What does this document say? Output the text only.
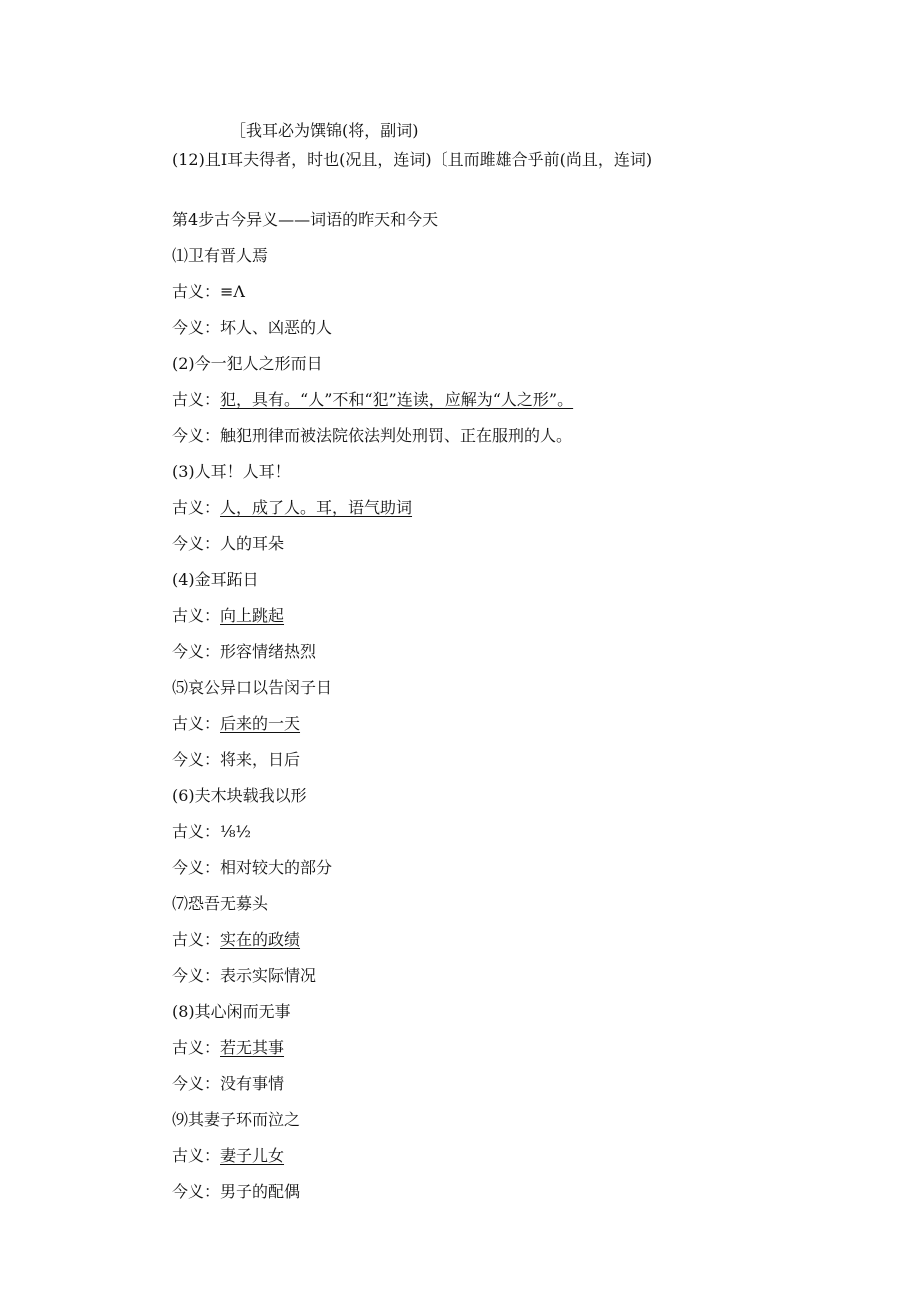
［我耳必为馔锦(将，副词)
(12)且I耳夫得者，时也(况且，连词)〔且而雎雄合乎前(尚且，连词)
第4步古今异义——词语的昨天和今天
⑴卫有晋人焉
古义：≡Λ
今义：坏人、凶恶的人
(2)今一犯人之形而日
古义：犯，具有。“人”不和“犯”连读，应解为“人之形”。
今义：触犯刑律而被法院依法判处刑罚、正在服刑的人。
(3)人耳！人耳！
古义：人，成了人。耳，语气助词
今义：人的耳朵
(4)金耳跖日
古义：向上跳起
今义：形容情绪热烈
⑸哀公异口以告闵子日
古义：后来的一天
今义：将来，日后
(6)夫木块载我以形
古义：⅛½
今义：相对较大的部分
⑺恐吾无募头
古义：实在的政绩
今义：表示实际情况
(8)其心闲而无事
古义：若无其事
今义：没有事情
⑼其妻子环而泣之
古义：妻子儿女
今义：男子的配偶
